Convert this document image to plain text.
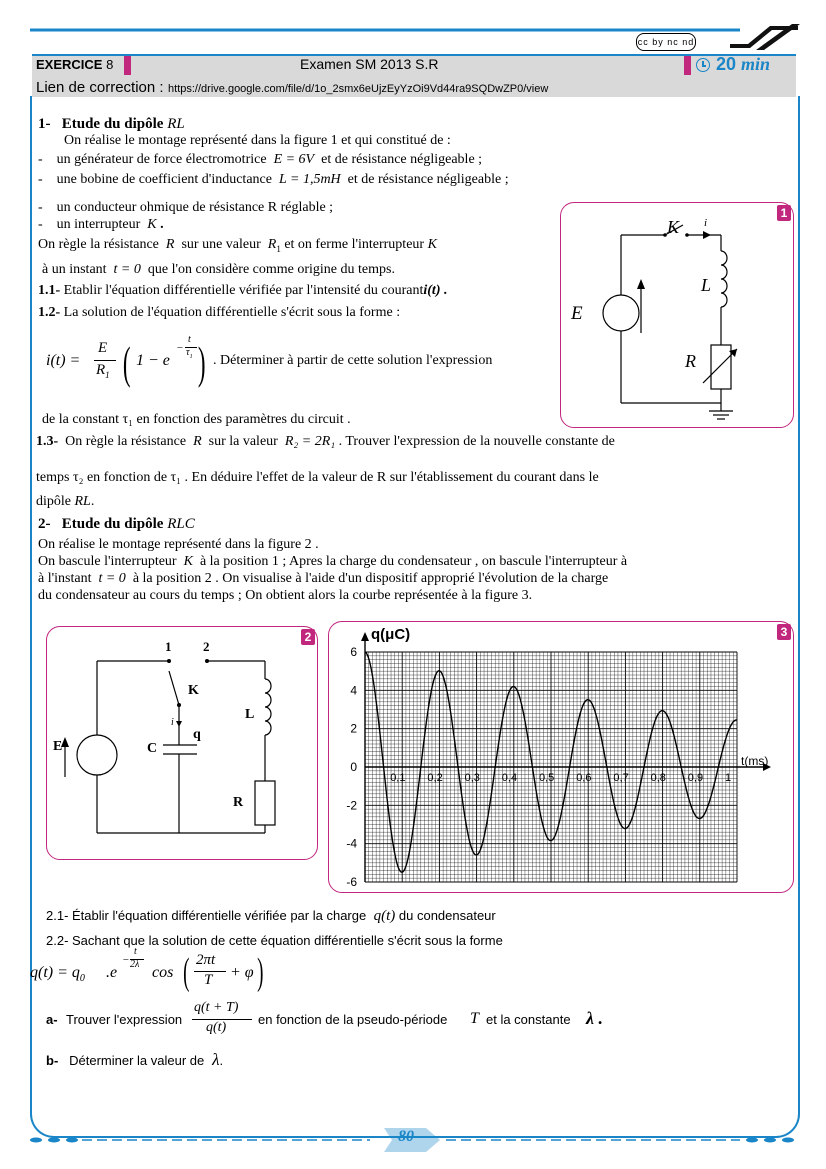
cc by nc nd
EXERCICE 8	Examen SM 2013 S.R	20 min
Lien de correction : https://drive.google.com/file/d/1o_2smx6eUjzEyYzOi9Vd44ra9SQDwZP0/view
1- Etude du dipôle RL
On réalise le montage représenté dans la figure 1 et qui constitué de :
- un générateur de force électromotrice E = 6V et de résistance négligeable ;
- une bobine de coefficient d'inductance L = 1,5mH et de résistance négligeable ;
- un conducteur ohmique de résistance R réglable ;
- un interrupteur K .
On règle la résistance R sur une valeur $R_1$ et on ferme l'interrupteur K
à un instant t = 0 que l'on considère comme origine du temps.
1.1- Etablir l'équation différentielle vérifiée par l'intensité du couranti(t) .
1.2- La solution de l'équation différentielle s'écrit sous la forme :
i(t) =
E
$R_1$ ( 1 − e
−
t
$\tau_1$ ) . Déterminer à partir de cette solution l'expression
de la constant τ₁ en fonction des paramètres du circuit .
1.3- On règle la résistance R sur la valeur R₂ = 2R₁ . Trouver l'expression de la nouvelle constante de
temps τ₂ en fonction de τ₁ . En déduire l'effet de la valeur de R sur l'établissement du courant dans le
dipôle RL.
1
K i
L
E
R
2- Etude du dipôle RLC
On réalise le montage représenté dans la figure 2 .
On bascule l'interrupteur K à la position 1 ; Apres la charge du condensateur , on bascule l'interrupteur à
à l'instant t = 0 à la position 2 . On visualise à l'aide d'un dispositif approprié l'évolution de la charge
du condensateur au cours du temps ; On obtient alors la courbe représentée à la figure 3.
2
1 2
K
L
q
C
E
R
i
3
6
4
2
0
-2
-4
-6
0,1 0,2 0,3 0,4 0,5 0,6 0,7 0,8 0,9 1
q(μC)
t(ms)
2.1- Établir l'équation différentielle vérifiée par la charge q(t) du condensateur
2.2- Sachant que la solution de cette équation différentielle s'écrit sous la forme
$q(t) = q_0$ .e
−
t
2λ cos ( 2πt
T + φ )
a- Trouver l'expression
q(t + T)
q(t)
en fonction de la pseudo-période T et la constante λ .
b- Déterminer la valeur de λ.
80
